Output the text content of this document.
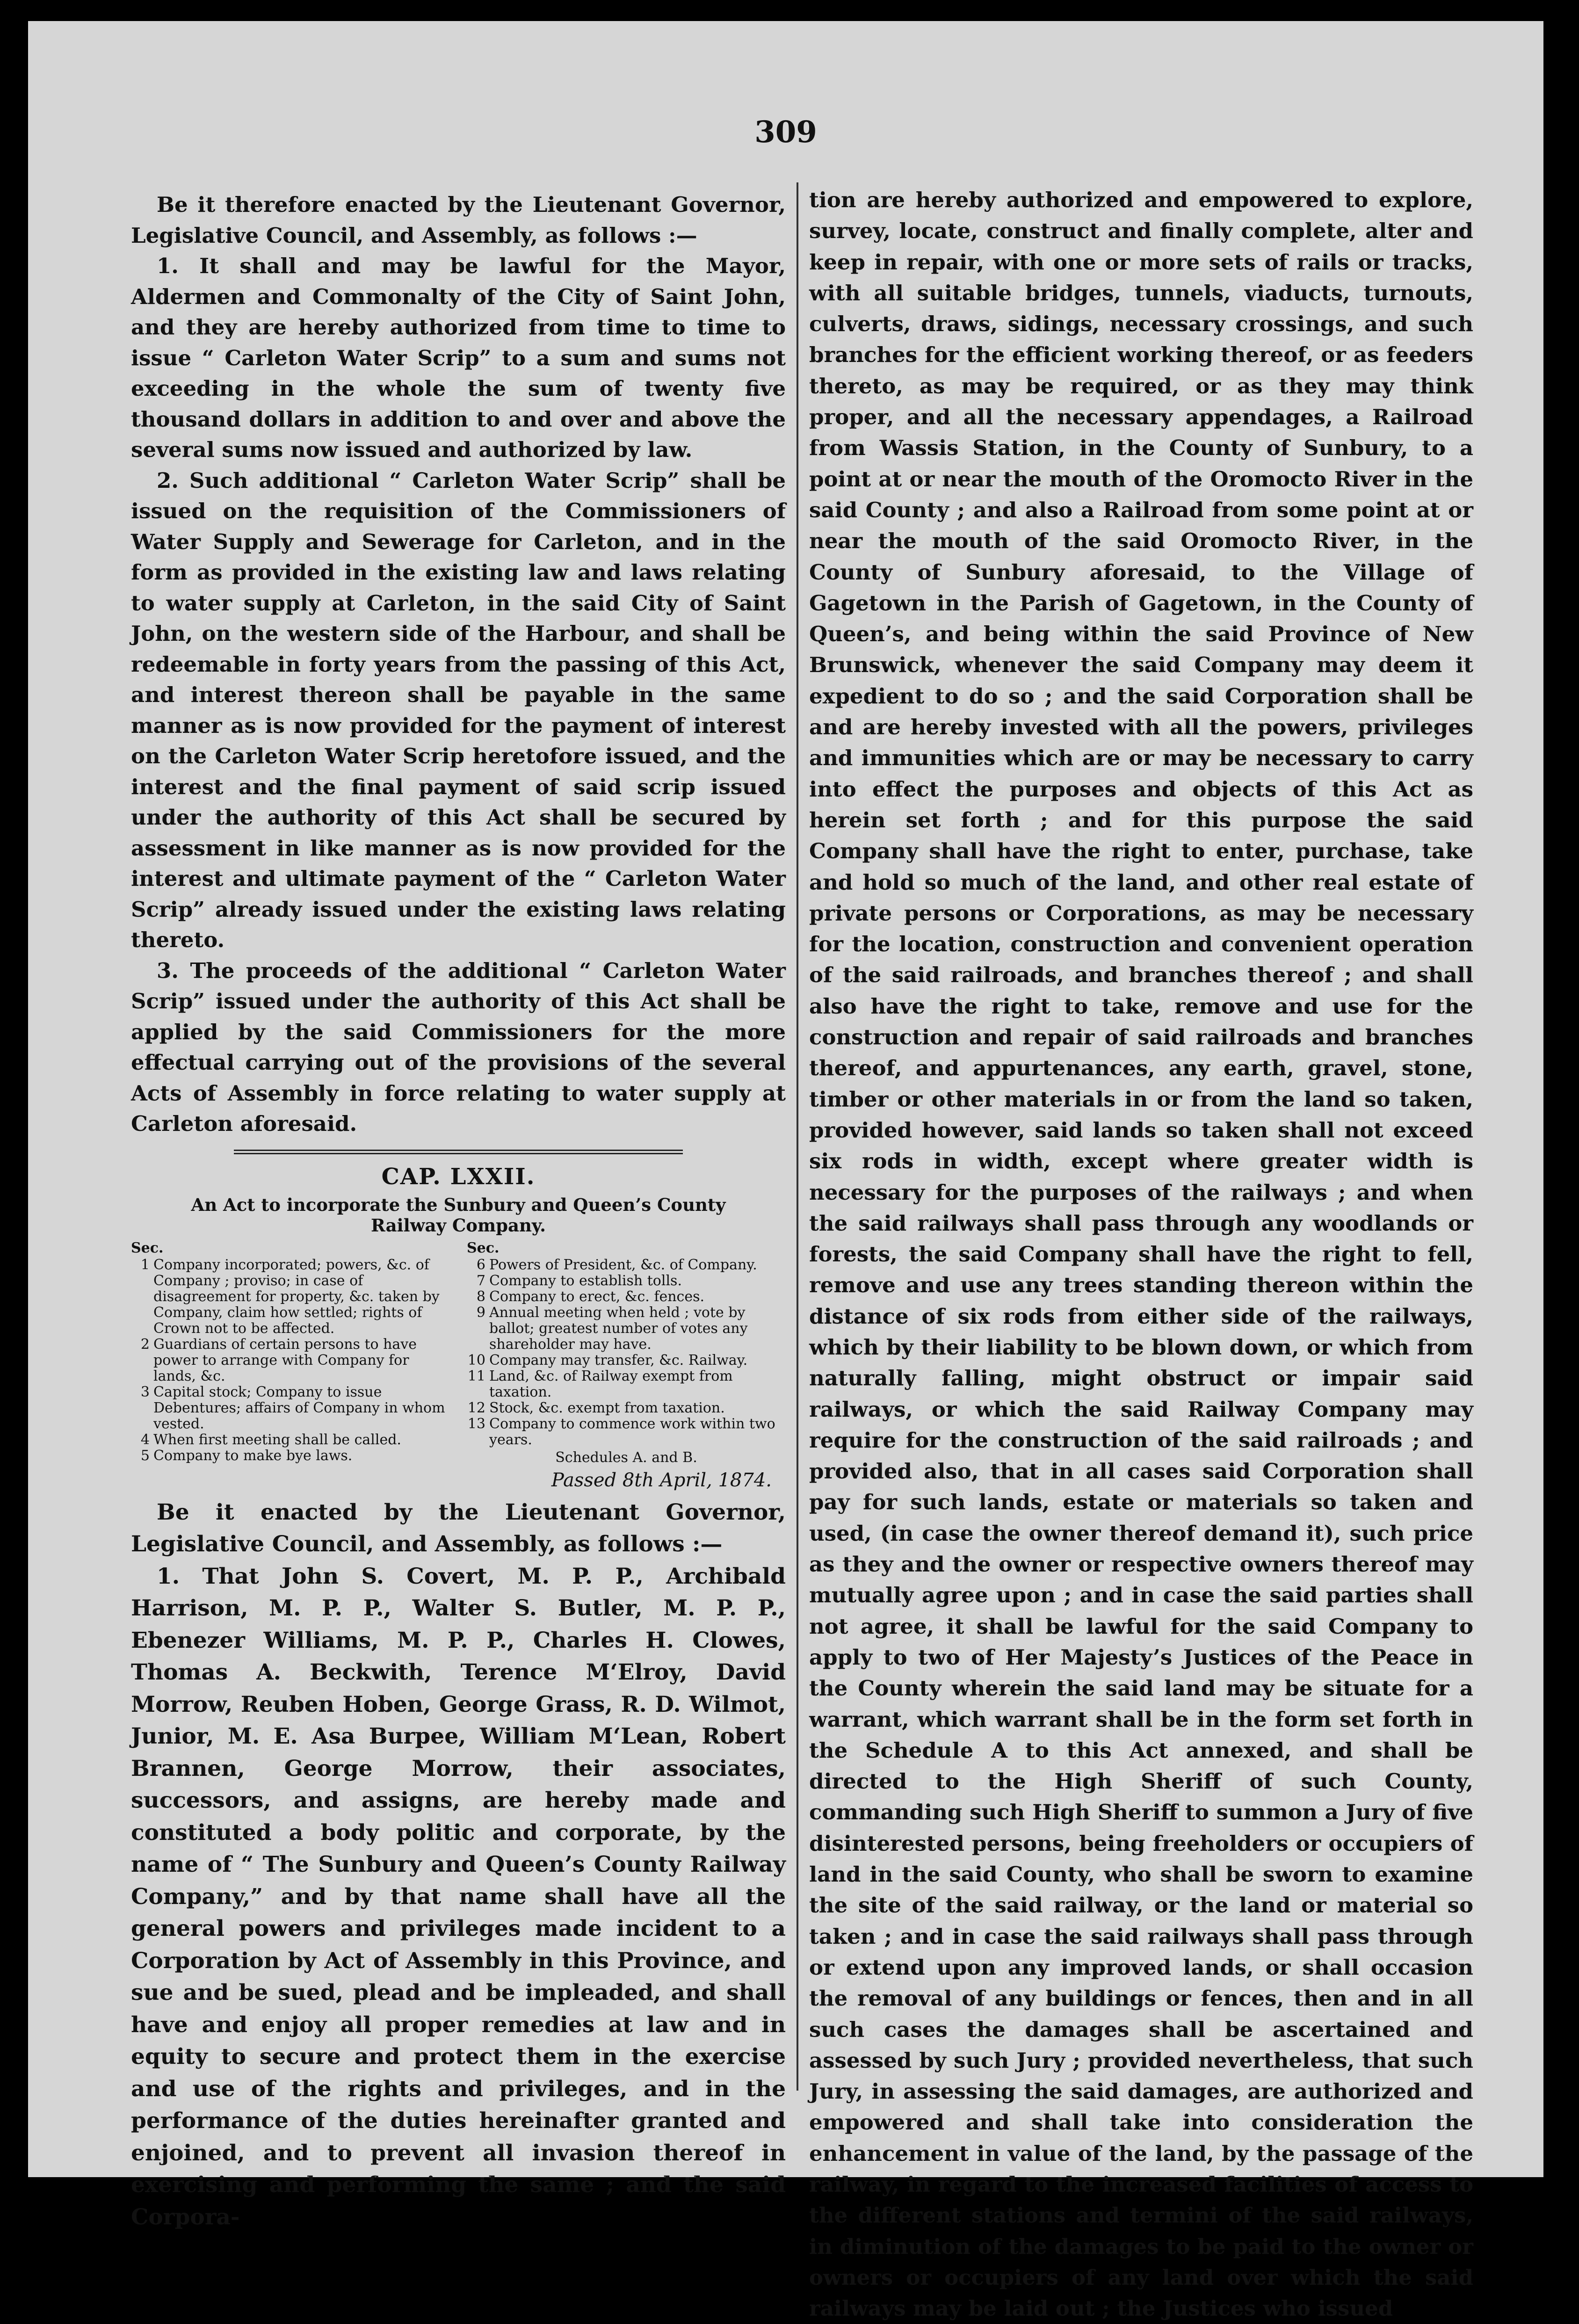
309

Be it therefore enacted by the Lieutenant Governor, Legislative Council, and Assembly, as follows :—

1. It shall and may be lawful for the Mayor, Aldermen and Commonalty of the City of Saint John, and they are hereby authorized from time to time to issue “ Carleton Water Scrip” to a sum and sums not exceeding in the whole the sum of twenty five thousand dollars in addition to and over and above the several sums now issued and authorized by law.

2. Such additional “ Carleton Water Scrip” shall be issued on the requisition of the Commissioners of Water Supply and Sewerage for Carleton, and in the form as provided in the existing law and laws relating to water supply at Carleton, in the said City of Saint John, on the western side of the Harbour, and shall be redeemable in forty years from the passing of this Act, and interest thereon shall be payable in the same manner as is now provided for the payment of interest on the Carleton Water Scrip heretofore issued, and the interest and the final payment of said scrip issued under the authority of this Act shall be secured by assessment in like manner as is now provided for the interest and ultimate payment of the “ Carleton Water Scrip” already issued under the existing laws relating thereto.

3. The proceeds of the additional “ Carleton Water Scrip” issued under the authority of this Act shall be applied by the said Commissioners for the more effectual carrying out of the provisions of the several Acts of Assembly in force relating to water supply at Carleton aforesaid.

CAP. LXXII.
An Act to incorporate the Sunbury and Queen’s County Railway Company.
Sec.
1 Company incorporated; powers, &c. of Company ; proviso; in case of disagreement for property, &c. taken by Company, claim how settled; rights of Crown not to be affected.
2 Guardians of certain persons to have power to arrange with Company for lands, &c.
3 Capital stock; Company to issue Debentures; affairs of Company in whom vested.
4 When first meeting shall be called.
5 Company to make bye laws.
Sec.
6 Powers of President, &c. of Company.
7 Company to establish tolls.
8 Company to erect, &c. fences.
9 Annual meeting when held ; vote by ballot; greatest number of votes any shareholder may have.
10 Company may transfer, &c. Railway.
11 Land, &c. of Railway exempt from taxation.
12 Stock, &c. exempt from taxation.
13 Company to commence work within two years.
Schedules A. and B.
Passed 8th April, 1874.

Be it enacted by the Lieutenant Governor, Legislative Council, and Assembly, as follows :—

1. That John S. Covert, M. P. P., Archibald Harrison, M. P. P., Walter S. Butler, M. P. P., Ebenezer Williams, M. P. P., Charles H. Clowes, Thomas A. Beckwith, Terence M‘Elroy, David Morrow, Reuben Hoben, George Grass, R. D. Wilmot, Junior, M. E. Asa Burpee, William M‘Lean, Robert Brannen, George Morrow, their associates, successors, and assigns, are hereby made and constituted a body politic and corporate, by the name of “ The Sunbury and Queen’s County Railway Company,” and by that name shall have all the general powers and privileges made incident to a Corporation by Act of Assembly in this Province, and sue and be sued, plead and be impleaded, and shall have and enjoy all proper remedies at law and in equity to secure and protect them in the exercise and use of the rights and privileges, and in the performance of the duties hereinafter granted and enjoined, and to prevent all invasion thereof in exercising and performing the same ; and the said Corpora-

tion are hereby authorized and empowered to explore, survey, locate, construct and finally complete, alter and keep in repair, with one or more sets of rails or tracks, with all suitable bridges, tunnels, viaducts, turnouts, culverts, draws, sidings, necessary crossings, and such branches for the efficient working thereof, or as feeders thereto, as may be required, or as they may think proper, and all the necessary appendages, a Railroad from Wassis Station, in the County of Sunbury, to a point at or near the mouth of the Oromocto River in the said County ; and also a Railroad from some point at or near the mouth of the said Oromocto River, in the County of Sunbury aforesaid, to the Village of Gagetown in the Parish of Gagetown, in the County of Queen’s, and being within the said Province of New Brunswick, whenever the said Company may deem it expedient to do so ; and the said Corporation shall be and are hereby invested with all the powers, privileges and immunities which are or may be necessary to carry into effect the purposes and objects of this Act as herein set forth ; and for this purpose the said Company shall have the right to enter, purchase, take and hold so much of the land, and other real estate of private persons or Corporations, as may be necessary for the location, construction and convenient operation of the said railroads, and branches thereof ; and shall also have the right to take, remove and use for the construction and repair of said railroads and branches thereof, and appurtenances, any earth, gravel, stone, timber or other materials in or from the land so taken, provided however, said lands so taken shall not exceed six rods in width, except where greater width is necessary for the purposes of the railways ; and when the said railways shall pass through any woodlands or forests, the said Company shall have the right to fell, remove and use any trees standing thereon within the distance of six rods from either side of the railways, which by their liability to be blown down, or which from naturally falling, might obstruct or impair said railways, or which the said Railway Company may require for the construction of the said railroads ; and provided also, that in all cases said Corporation shall pay for such lands, estate or materials so taken and used, (in case the owner thereof demand it), such price as they and the owner or respective owners thereof may mutually agree upon ; and in case the said parties shall not agree, it shall be lawful for the said Company to apply to two of Her Majesty’s Justices of the Peace in the County wherein the said land may be situate for a warrant, which warrant shall be in the form set forth in the Schedule A to this Act annexed, and shall be directed to the High Sheriff of such County, commanding such High Sheriff to summon a Jury of five disinterested persons, being freeholders or occupiers of land in the said County, who shall be sworn to examine the site of the said railway, or the land or material so taken ; and in case the said railways shall pass through or extend upon any improved lands, or shall occasion the removal of any buildings or fences, then and in all such cases the damages shall be ascertained and assessed by such Jury ; provided nevertheless, that such Jury, in assessing the said damages, are authorized and empowered and shall take into consideration the enhancement in value of the land, by the passage of the railway, in regard to the increased facilities of access to the different stations and termini of the said railways, in diminution of the damages to be paid to the owner or owners or occupiers of any land over which the said railways may be laid out ; the Justices who issued
